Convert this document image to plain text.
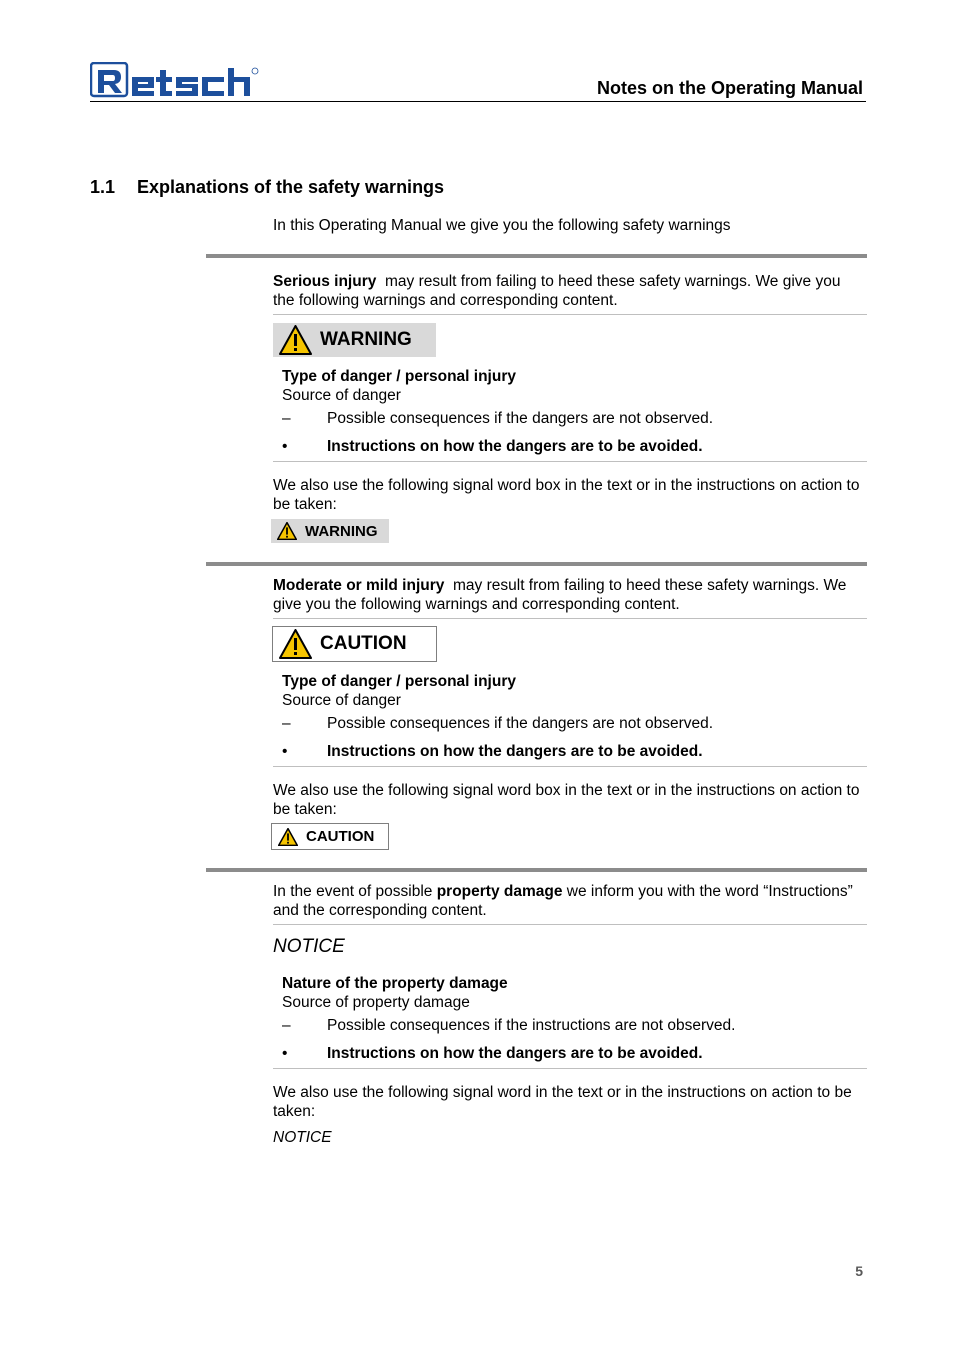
Notes on the Operating Manual
1.1 Explanations of the safety warnings
In this Operating Manual we give you the following safety warnings
Serious injury  may result from failing to heed these safety warnings. We give you the following warnings and corresponding content.
WARNING
Type of danger / personal injury
Source of danger
– Possible consequences if the dangers are not observed.
•	Instructions on how the dangers are to be avoided.
We also use the following signal word box in the text or in the instructions on action to be taken:
WARNING
Moderate or mild injury  may result from failing to heed these safety warnings. We give you the following warnings and corresponding content.
CAUTION
Type of danger / personal injury
Source of danger
– Possible consequences if the dangers are not observed.
•	Instructions on how the dangers are to be avoided.
We also use the following signal word box in the text or in the instructions on action to be taken:
CAUTION
In the event of possible property damage we inform you with the word “Instructions” and the corresponding content.
NOTICE
Nature of the property damage
Source of property damage
– Possible consequences if the instructions are not observed.
•	Instructions on how the dangers are to be avoided.
We also use the following signal word in the text or in the instructions on action to be taken:
NOTICE
5
